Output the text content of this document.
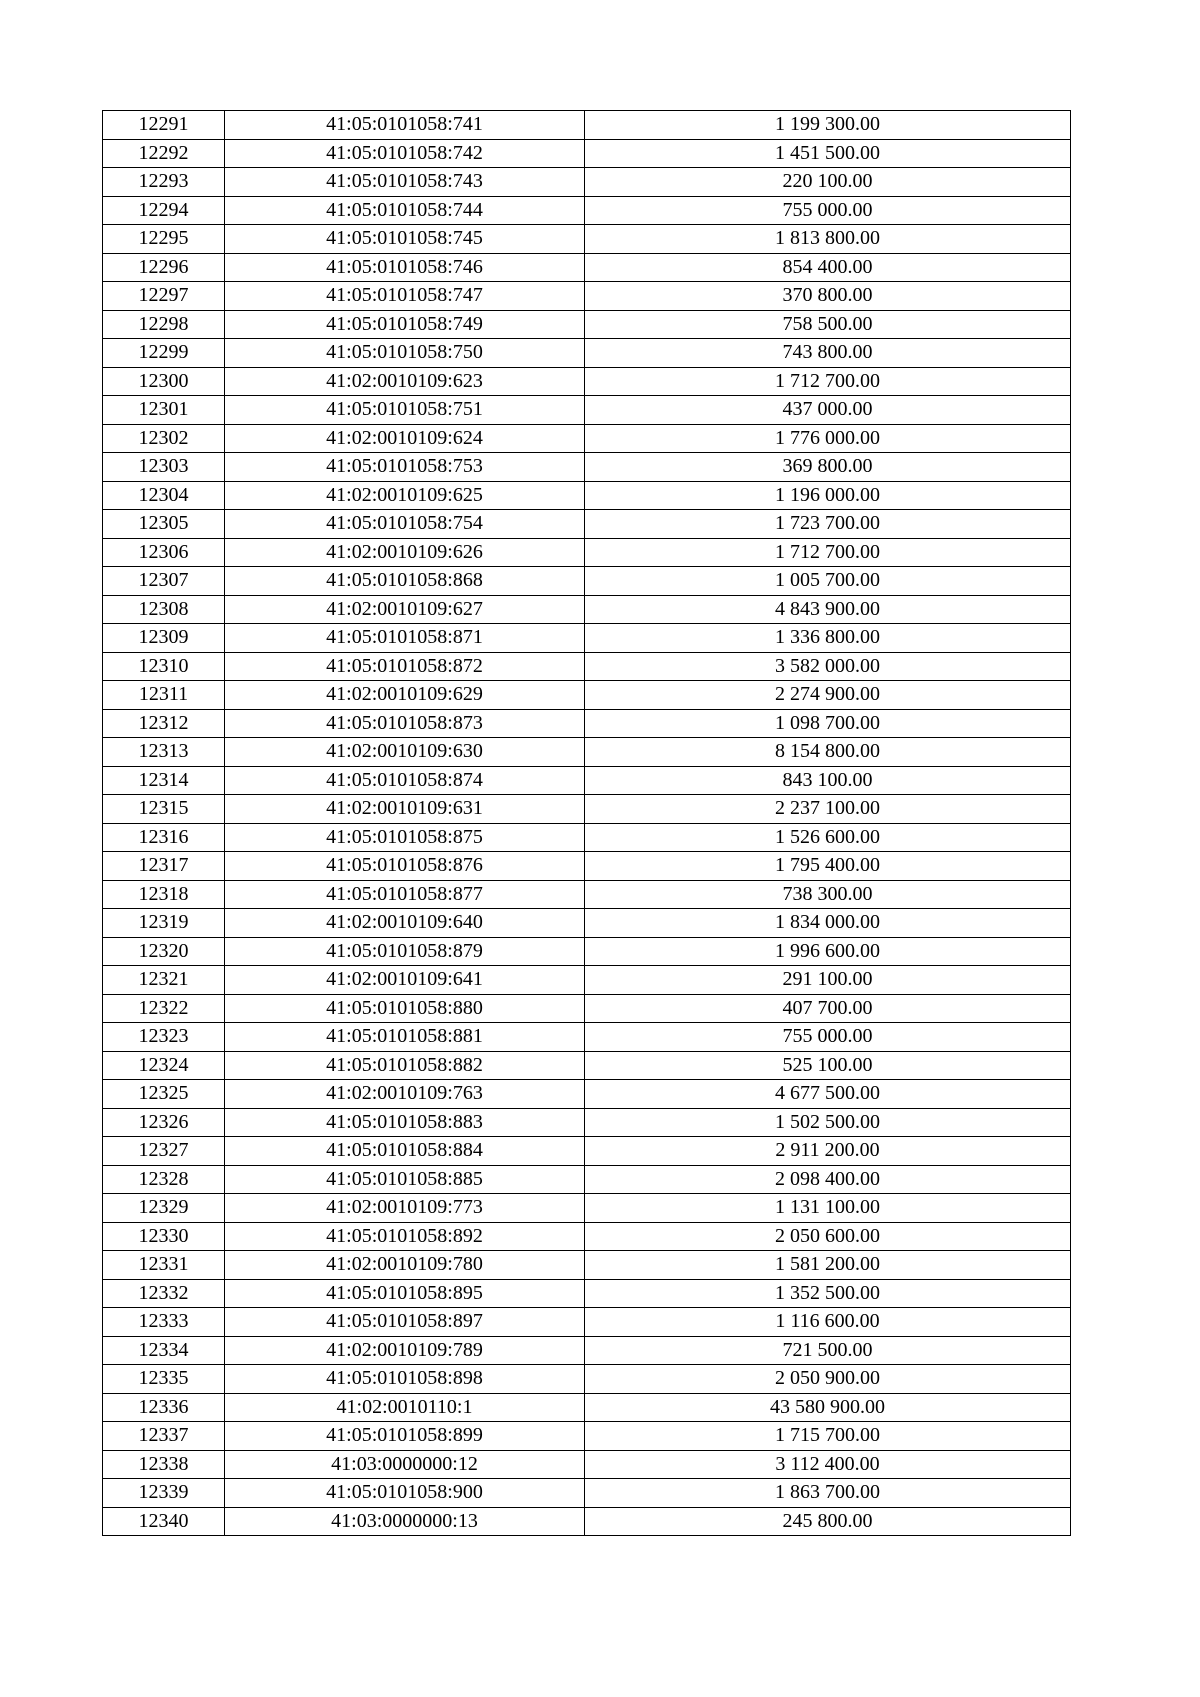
12291	41:05:0101058:741	1 199 300.00
12292	41:05:0101058:742	1 451 500.00
12293	41:05:0101058:743	220 100.00
12294	41:05:0101058:744	755 000.00
12295	41:05:0101058:745	1 813 800.00
12296	41:05:0101058:746	854 400.00
12297	41:05:0101058:747	370 800.00
12298	41:05:0101058:749	758 500.00
12299	41:05:0101058:750	743 800.00
12300	41:02:0010109:623	1 712 700.00
12301	41:05:0101058:751	437 000.00
12302	41:02:0010109:624	1 776 000.00
12303	41:05:0101058:753	369 800.00
12304	41:02:0010109:625	1 196 000.00
12305	41:05:0101058:754	1 723 700.00
12306	41:02:0010109:626	1 712 700.00
12307	41:05:0101058:868	1 005 700.00
12308	41:02:0010109:627	4 843 900.00
12309	41:05:0101058:871	1 336 800.00
12310	41:05:0101058:872	3 582 000.00
12311	41:02:0010109:629	2 274 900.00
12312	41:05:0101058:873	1 098 700.00
12313	41:02:0010109:630	8 154 800.00
12314	41:05:0101058:874	843 100.00
12315	41:02:0010109:631	2 237 100.00
12316	41:05:0101058:875	1 526 600.00
12317	41:05:0101058:876	1 795 400.00
12318	41:05:0101058:877	738 300.00
12319	41:02:0010109:640	1 834 000.00
12320	41:05:0101058:879	1 996 600.00
12321	41:02:0010109:641	291 100.00
12322	41:05:0101058:880	407 700.00
12323	41:05:0101058:881	755 000.00
12324	41:05:0101058:882	525 100.00
12325	41:02:0010109:763	4 677 500.00
12326	41:05:0101058:883	1 502 500.00
12327	41:05:0101058:884	2 911 200.00
12328	41:05:0101058:885	2 098 400.00
12329	41:02:0010109:773	1 131 100.00
12330	41:05:0101058:892	2 050 600.00
12331	41:02:0010109:780	1 581 200.00
12332	41:05:0101058:895	1 352 500.00
12333	41:05:0101058:897	1 116 600.00
12334	41:02:0010109:789	721 500.00
12335	41:05:0101058:898	2 050 900.00
12336	41:02:0010110:1	43 580 900.00
12337	41:05:0101058:899	1 715 700.00
12338	41:03:0000000:12	3 112 400.00
12339	41:05:0101058:900	1 863 700.00
12340	41:03:0000000:13	245 800.00
